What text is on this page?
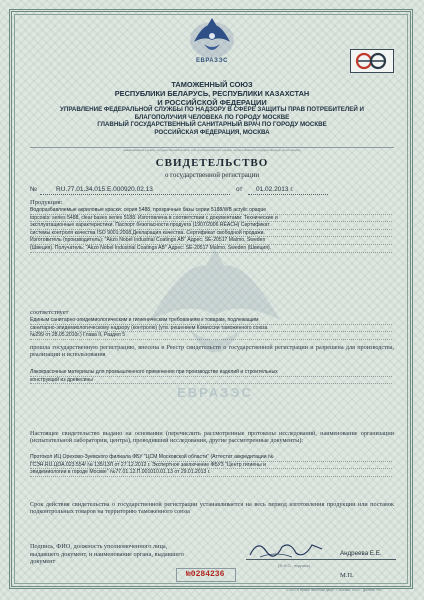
ЕВРАЗЭС
ТАМОЖЕННЫЙ СОЮЗ
РЕСПУБЛИКИ БЕЛАРУСЬ, РЕСПУБЛИКИ КАЗАХСТАН
И РОССИЙСКОЙ ФЕДЕРАЦИИ
УПРАВЛЕНИЕ ФЕДЕРАЛЬНОЙ СЛУЖБЫ ПО НАДЗОРУ В СФЕРЕ ЗАЩИТЫ ПРАВ ПОТРЕБИТЕЛЕЙ И
БЛАГОПОЛУЧИЯ ЧЕЛОВЕКА ПО ГОРОДУ МОСКВЕ
ГЛАВНЫЙ ГОСУДАРСТВЕННЫЙ САНИТАРНЫЙ ВРАЧ ПО ГОРОДУ МОСКВЕ
РОССИЙСКАЯ ФЕДЕРАЦИЯ, МОСКВА
(наименование органа, государственной власти или уполномоченного органа, осуществившего государственную регистрацию)
СВИДЕТЕЛЬСТВО
о государственной регистрации
№	RU.77.01.34.015.Е.000920.02.13	от 01.02.2013 г.
ЕВРАЗЭС
Продукция:
Водоразбавляемые акриловые краски: серия 5488, прозрачные базы серии 5188/WB acrylic opaque
topcoats: series 5488, clear bases series 5188. Изготовлена в соответствии с документами: Технические и
эксплуатационные характеристики. Паспорт безопасности продукта (1907/2006 REACH) Сертификат
системы контроля качества ISO 9001:2008,Декларация качества. Сертификат свободной продажи.
Изготовитель (производитель): "Akzo Nobel Industrial Coatings AB" Адрес: SE-20517 Malmo, Sweden
(Швеция). Получатель: "Akzo Nobel Industrial Coatings AB" Адрес: SE-20517 Malmo, Sweden (Швеция).
соответствует
Единым санитарно-эпидемиологическим и гигиеническим требованиям к товарам, подлежащим
санитарно-эпидемиологическому надзору (контролю) (утв. решением Комиссии таможенного союза
№299 от 28.05.2010г.) Глава II, Раздел 5
прошла государственную регистрацию, внесена в Реестр свидетельств о государственной регистрации и разрешена для производства, реализации и использования
Лакокрасочные материалы для промышленного применения при производстве изделий и строительных
конструкций из древесины
Настоящее свидетельство выдано на основании (перечислить рассмотренные протоколы исследований, наименование организации (испытательной лаборатории, центра), проводившей исследования, другие рассмотренные документы):
Протокол ИЦ Орехово-Зуевского филиала ФБУ "ЦСМ Московской области" (Аттестат аккредитации №
ГСЭН.RU.ЦОА.023.554/ № 135/13Л от 27.12.2012 г. Экспертное заключение ФБУЗ "Центр гигиены и
эпидемиологии в городе Москве" №77.01.12.П.001010.01.13 от 29.01.2013 г.
Срок действия свидетельства о государственной регистрации устанавливается на весь период изготовления продукции или поставок подконтрольных товаров на территорию таможенного союза
Подпись, ФИО, должность уполномоченного лица, выдавшего документ, и наименование органа, выдавшего документ
Андреева Е.Е.
(Ф.И.О., подпись)
№0284236	М.П.
© ЗАО «Первый печатный двор», г. Москва, 2012 г., уровень «В»
